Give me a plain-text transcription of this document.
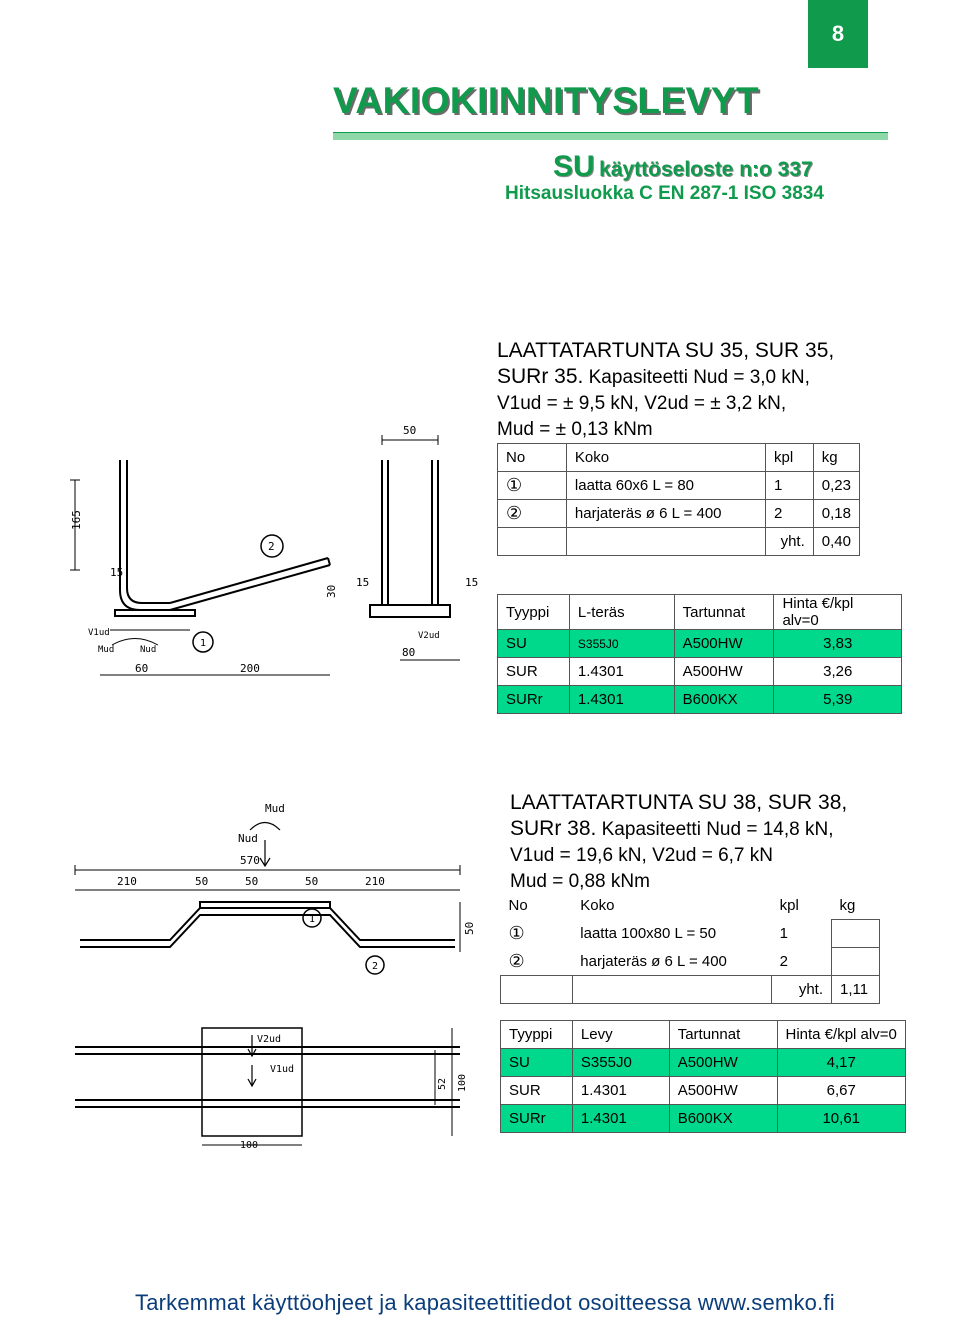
8
VAKIOKIINNITYSLEVYT
SU käyttöseloste n:o 337
Hitsausluokka C EN 287-1 ISO 3834
LAATTATARTUNTA SU 35, SUR 35,
SURr 35. Kapasiteetti Nud = 3,0 kN,
V1ud = ± 9,5 kN, V2ud = ± 3,2 kN,
Mud = ± 0,13 kNm
No	Koko	kpl	kg
①	laatta 60x6 L = 80	1	0,23
②	harjateräs ø 6 L = 400	2	0,18
		yht.	0,40
Tyyppi	L-teräs	Tartunnat	Hinta €/kpl alv=0
SU	S355J0	A500HW	3,83
SUR	1.4301	A500HW	3,26
SURr	1.4301	B600KX	5,39
50
165
15
15	15
30
80
60	200
V1ud	V2ud
Mud	Nud
1
2
LAATTATARTUNTA SU 38, SUR 38,
SURr 38. Kapasiteetti Nud = 14,8 kN,
V1ud = 19,6 kN, V2ud = 6,7 kN
Mud = 0,88 kNm
No	Koko	kpl	kg
①	laatta 100x80 L = 50	1	
②	harjateräs ø 6 L = 400	2	
		yht.	1,11
Tyyppi	Levy	Tartunnat	Hinta €/kpl alv=0
SU	S355J0	A500HW	4,17
SUR	1.4301	A500HW	6,67
SURr	1.4301	B600KX	10,61
Mud
Nud
570
210	50	50	50	210
50
1
2
V2ud
V1ud
52 100
100
Tarkemmat käyttöohjeet ja kapasiteettitiedot osoitteessa www.semko.fi
